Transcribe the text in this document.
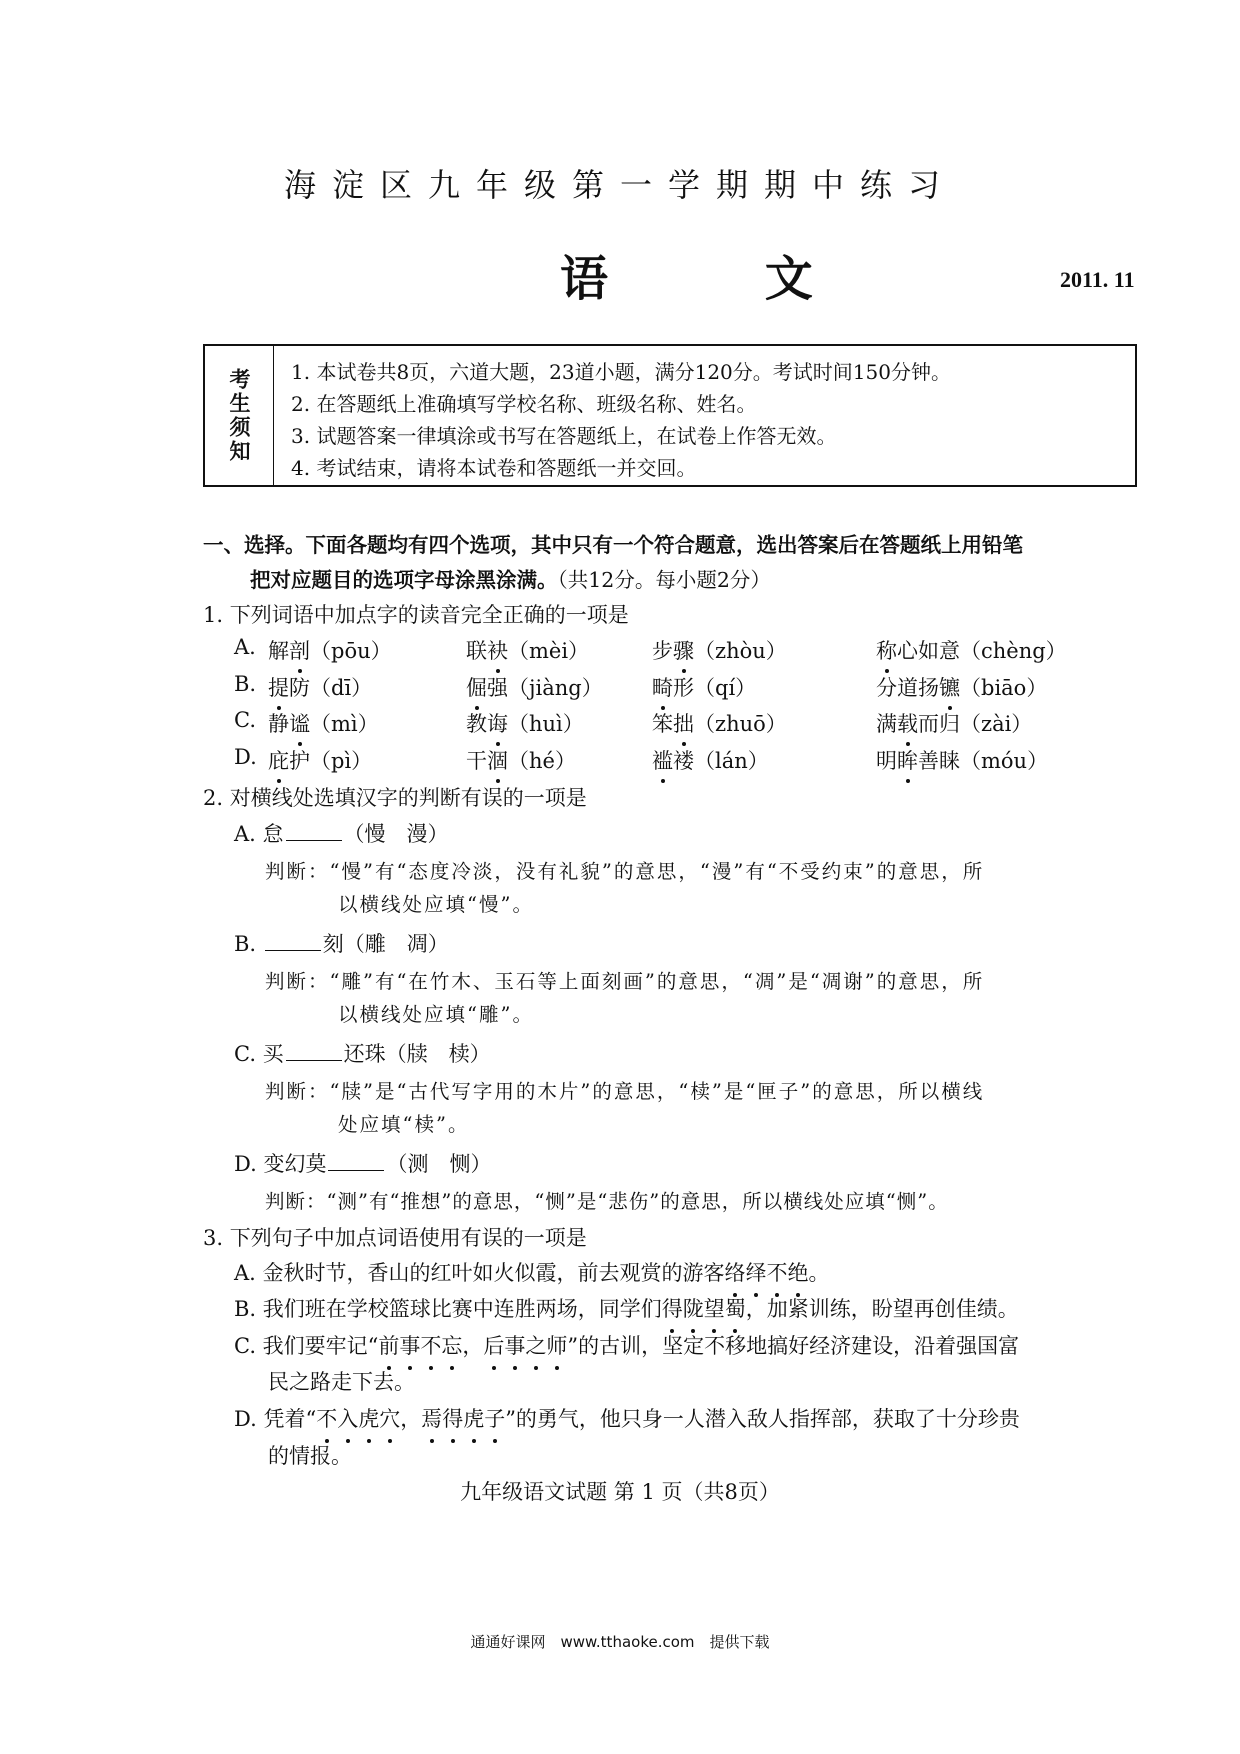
海淀区九年级第一学期期中练习
语 文	2011. 11
考生须知 1. 本试卷共8页，六道大题，23道小题，满分120分。考试时间150分钟。
2. 在答题纸上准确填写学校名称、班级名称、姓名。
3. 试题答案一律填涂或书写在答题纸上，在试卷上作答无效。
4. 考试结束，请将本试卷和答题纸一并交回。
一、选择。下面各题均有四个选项，其中只有一个符合题意，选出答案后在答题纸上用铅笔
把对应题目的选项字母涂黑涂满。（共12分。每小题2分）
1. 下列词语中加点字的读音完全正确的一项是
A. 解剖（pōu）	联袂（mèi）	步骤（zhòu）	称心如意（chèng）
B. 提防（dī）	倔强（jiàng） 畸形（qí）	分道扬镳（biāo）
C. 静谧（mì）	教诲（huì）	笨拙（zhuō）	满载而归（zài）
D. 庇护（pì）	干涸（hé）	褴褛（lán）	明眸善睐（móu）
2. 对横线处选填汉字的判断有误的一项是
A. 怠	（慢　漫）
判断：“慢”有“态度冷淡，没有礼貌”的意思，“漫”有“不受约束”的意思，所
以横线处应填“慢”。
B.	刻（雕　凋）
判断：“雕”有“在竹木、玉石等上面刻画”的意思，“凋”是“凋谢”的意思，所
以横线处应填“雕”。
C. 买	还珠（牍　椟）
判断：“牍”是“古代写字用的木片”的意思，“椟”是“匣子”的意思，所以横线
处应填“椟”。
D. 变幻莫	（测　恻）
判断：“测”有“推想”的意思，“恻”是“悲伤”的意思，所以横线处应填“恻”。
3. 下列句子中加点词语使用有误的一项是
A. 金秋时节，香山的红叶如火似霞，前去观赏的游客络绎不绝。
B. 我们班在学校篮球比赛中连胜两场，同学们得陇望蜀，加紧训练，盼望再创佳绩。
C. 我们要牢记“前事不忘，后事之师”的古训，坚定不移地搞好经济建设，沿着强国富
民之路走下去。
D. 凭着“不入虎穴，焉得虎子”的勇气，他只身一人潜入敌人指挥部，获取了十分珍贵
的情报。
九年级语文试题 第 1 页（共8页）
通通好课网　www.tthaoke.com　提供下载
